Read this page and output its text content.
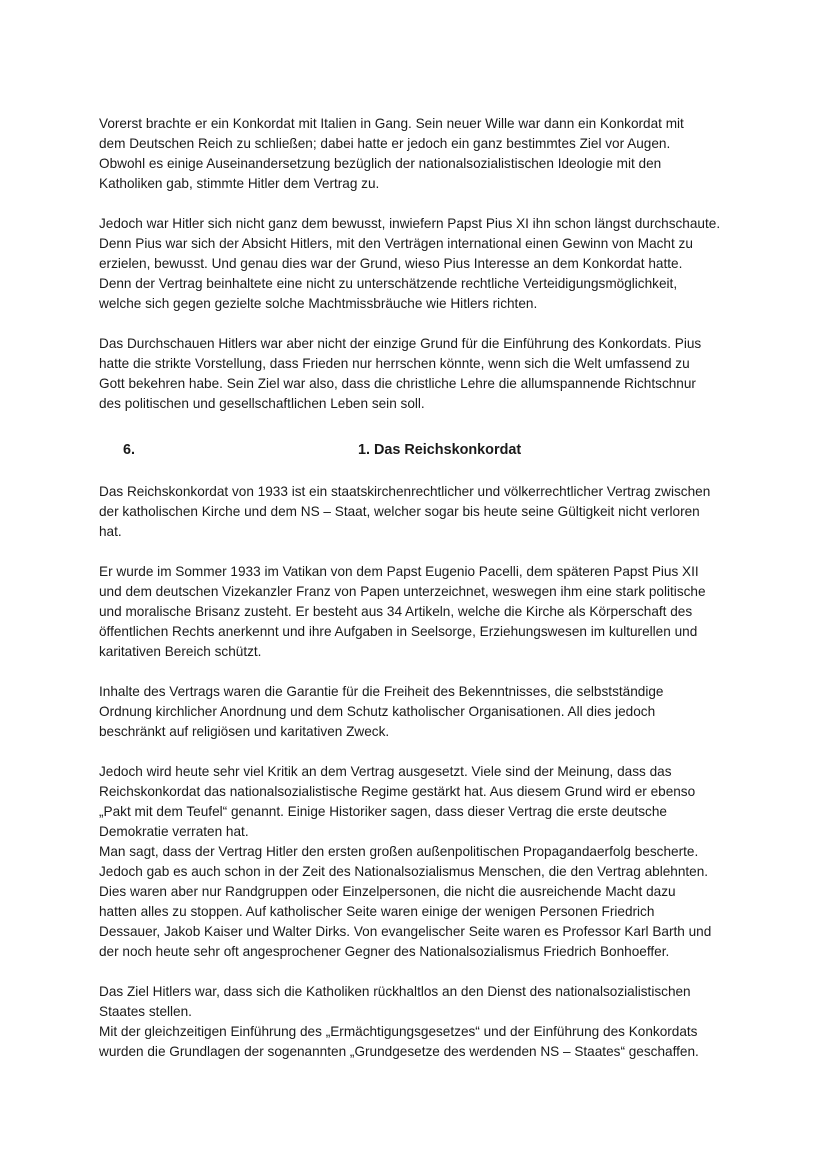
Vorerst brachte er ein Konkordat mit Italien in Gang. Sein neuer Wille war dann ein Konkordat mit
dem Deutschen Reich zu schließen; dabei hatte er jedoch ein ganz bestimmtes Ziel vor Augen.
Obwohl es einige Auseinandersetzung bezüglich der nationalsozialistischen Ideologie mit den
Katholiken gab, stimmte Hitler dem Vertrag zu.

Jedoch war Hitler sich nicht ganz dem bewusst, inwiefern Papst Pius XI ihn schon längst durchschaute.
Denn Pius war sich der Absicht Hitlers, mit den Verträgen international einen Gewinn von Macht zu
erzielen, bewusst. Und genau dies war der Grund, wieso Pius Interesse an dem Konkordat hatte.
Denn der Vertrag beinhaltete eine nicht zu unterschätzende rechtliche Verteidigungsmöglichkeit,
welche sich gegen gezielte solche Machtmissbräuche wie Hitlers richten.

Das Durchschauen Hitlers war aber nicht der einzige Grund für die Einführung des Konkordats. Pius
hatte die strikte Vorstellung, dass Frieden nur herrschen könnte, wenn sich die Welt umfassend zu
Gott bekehren habe. Sein Ziel war also, dass die christliche Lehre die allumspannende Richtschnur
des politischen und gesellschaftlichen Leben sein soll.

6.	1. Das Reichskonkordat

Das Reichskonkordat von 1933 ist ein staatskirchenrechtlicher und völkerrechtlicher Vertrag zwischen
der katholischen Kirche und dem NS – Staat, welcher sogar bis heute seine Gültigkeit nicht verloren
hat.

Er wurde im Sommer 1933 im Vatikan von dem Papst Eugenio Pacelli, dem späteren Papst Pius XII
und dem deutschen Vizekanzler Franz von Papen unterzeichnet, weswegen ihm eine stark politische
und moralische Brisanz zusteht. Er besteht aus 34 Artikeln, welche die Kirche als Körperschaft des
öffentlichen Rechts anerkennt und ihre Aufgaben in Seelsorge, Erziehungswesen im kulturellen und
karitativen Bereich schützt.

Inhalte des Vertrags waren die Garantie für die Freiheit des Bekenntnisses, die selbstständige
Ordnung kirchlicher Anordnung und dem Schutz katholischer Organisationen. All dies jedoch
beschränkt auf religiösen und karitativen Zweck.

Jedoch wird heute sehr viel Kritik an dem Vertrag ausgesetzt. Viele sind der Meinung, dass das
Reichskonkordat das nationalsozialistische Regime gestärkt hat. Aus diesem Grund wird er ebenso
„Pakt mit dem Teufel“ genannt. Einige Historiker sagen, dass dieser Vertrag die erste deutsche
Demokratie verraten hat.
Man sagt, dass der Vertrag Hitler den ersten großen außenpolitischen Propagandaerfolg bescherte.
Jedoch gab es auch schon in der Zeit des Nationalsozialismus Menschen, die den Vertrag ablehnten.
Dies waren aber nur Randgruppen oder Einzelpersonen, die nicht die ausreichende Macht dazu
hatten alles zu stoppen. Auf katholischer Seite waren einige der wenigen Personen Friedrich
Dessauer, Jakob Kaiser und Walter Dirks. Von evangelischer Seite waren es Professor Karl Barth und
der noch heute sehr oft angesprochener Gegner des Nationalsozialismus Friedrich Bonhoeffer.

Das Ziel Hitlers war, dass sich die Katholiken rückhaltlos an den Dienst des nationalsozialistischen
Staates stellen.
Mit der gleichzeitigen Einführung des „Ermächtigungsgesetzes“ und der Einführung des Konkordats
wurden die Grundlagen der sogenannten „Grundgesetze des werdenden NS – Staates“ geschaffen.
